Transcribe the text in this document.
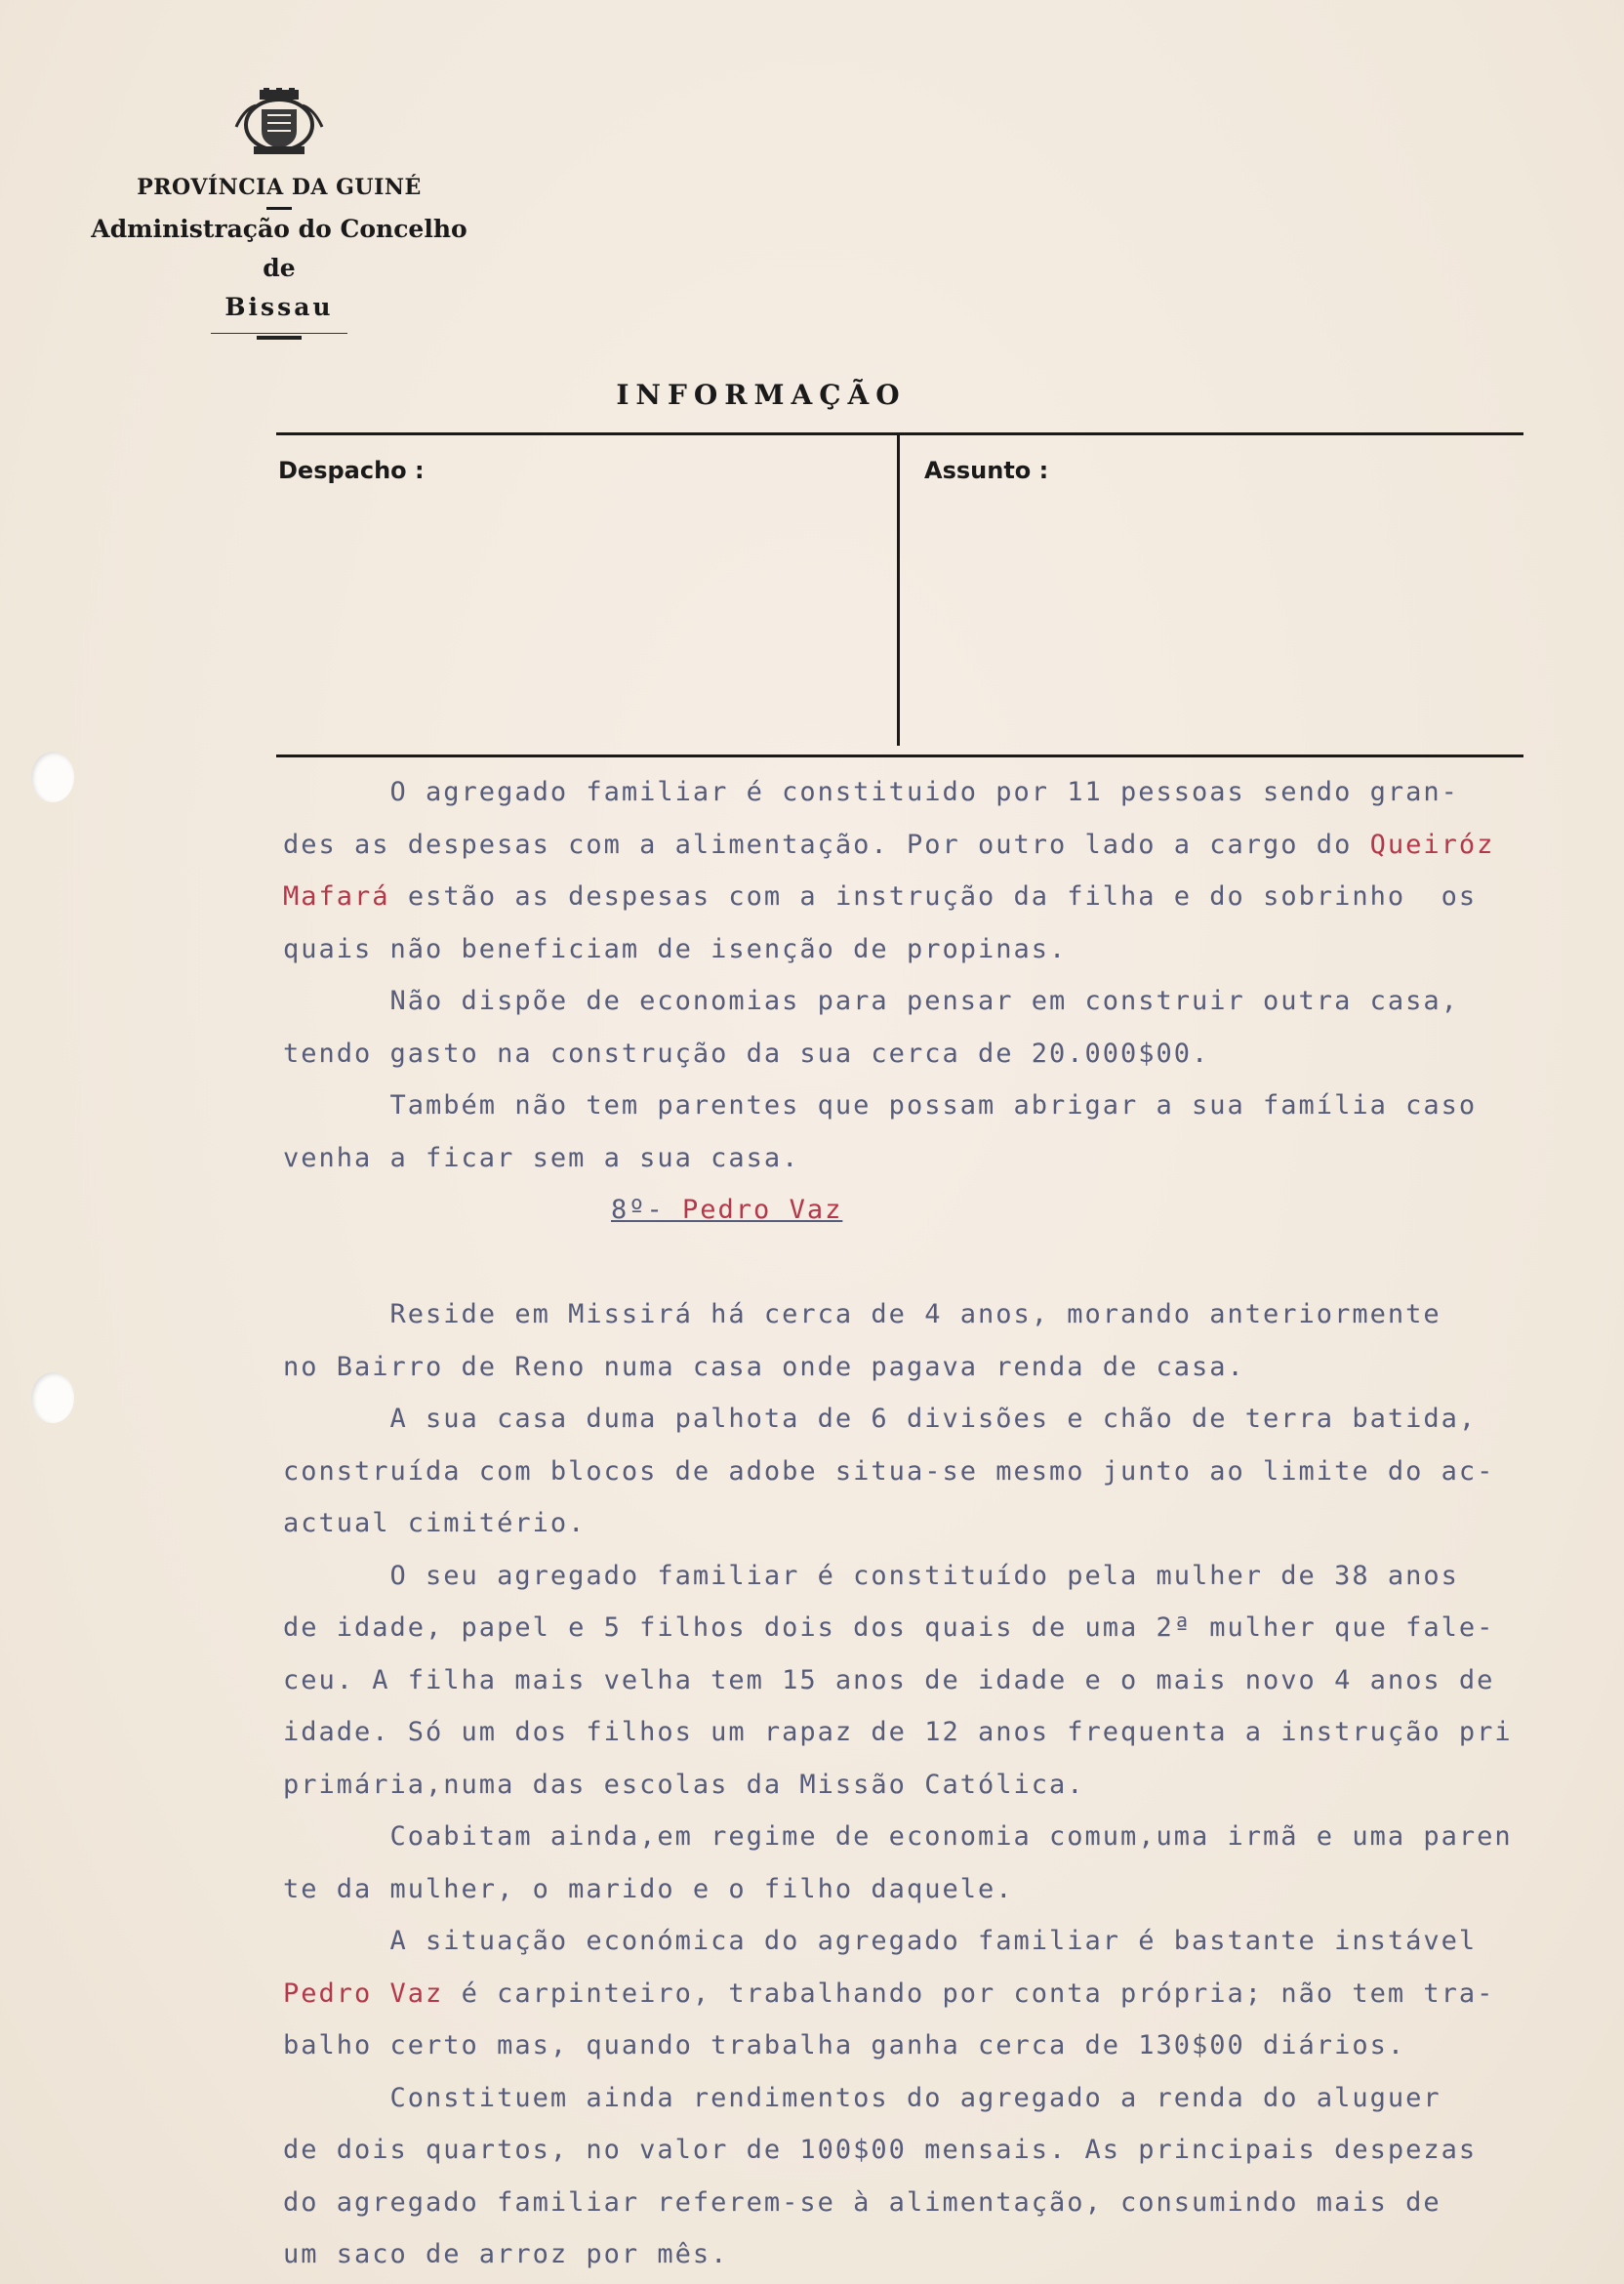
PROVÍNCIA DA GUINÉ
Administração do Concelho
de
Bissau
INFORMAÇÃO
Despacho :	Assunto :
O agregado familiar é constituido por 11 pessoas sendo gran-
des as despesas com a alimentação. Por outro lado a cargo do Queiróz
Mafará estão as despesas com a instrução da filha e do sobrinho  os
quais não beneficiam de isenção de propinas.
Não dispõe de economias para pensar em construir outra casa,
tendo gasto na construção da sua cerca de 20.000$00.
Também não tem parentes que possam abrigar a sua família caso
venha a ficar sem a sua casa.
8º- Pedro Vaz
Reside em Missirá há cerca de 4 anos, morando anteriormente
no Bairro de Reno numa casa onde pagava renda de casa.
A sua casa duma palhota de 6 divisões e chão de terra batida,
construída com blocos de adobe situa-se mesmo junto ao limite do ac-
actual cimitério.
O seu agregado familiar é constituído pela mulher de 38 anos
de idade, papel e 5 filhos dois dos quais de uma 2ª mulher que fale-
ceu. A filha mais velha tem 15 anos de idade e o mais novo 4 anos de
idade. Só um dos filhos um rapaz de 12 anos frequenta a instrução pri
primária,numa das escolas da Missão Católica.
Coabitam ainda,em regime de economia comum,uma irmã e uma paren
te da mulher, o marido e o filho daquele.
A situação económica do agregado familiar é bastante instável
Pedro Vaz é carpinteiro, trabalhando por conta própria; não tem tra-
balho certo mas, quando trabalha ganha cerca de 130$00 diários.
Constituem ainda rendimentos do agregado a renda do aluguer
de dois quartos, no valor de 100$00 mensais. As principais despezas
do agregado familiar referem-se à alimentação, consumindo mais de
um saco de arroz por mês.
